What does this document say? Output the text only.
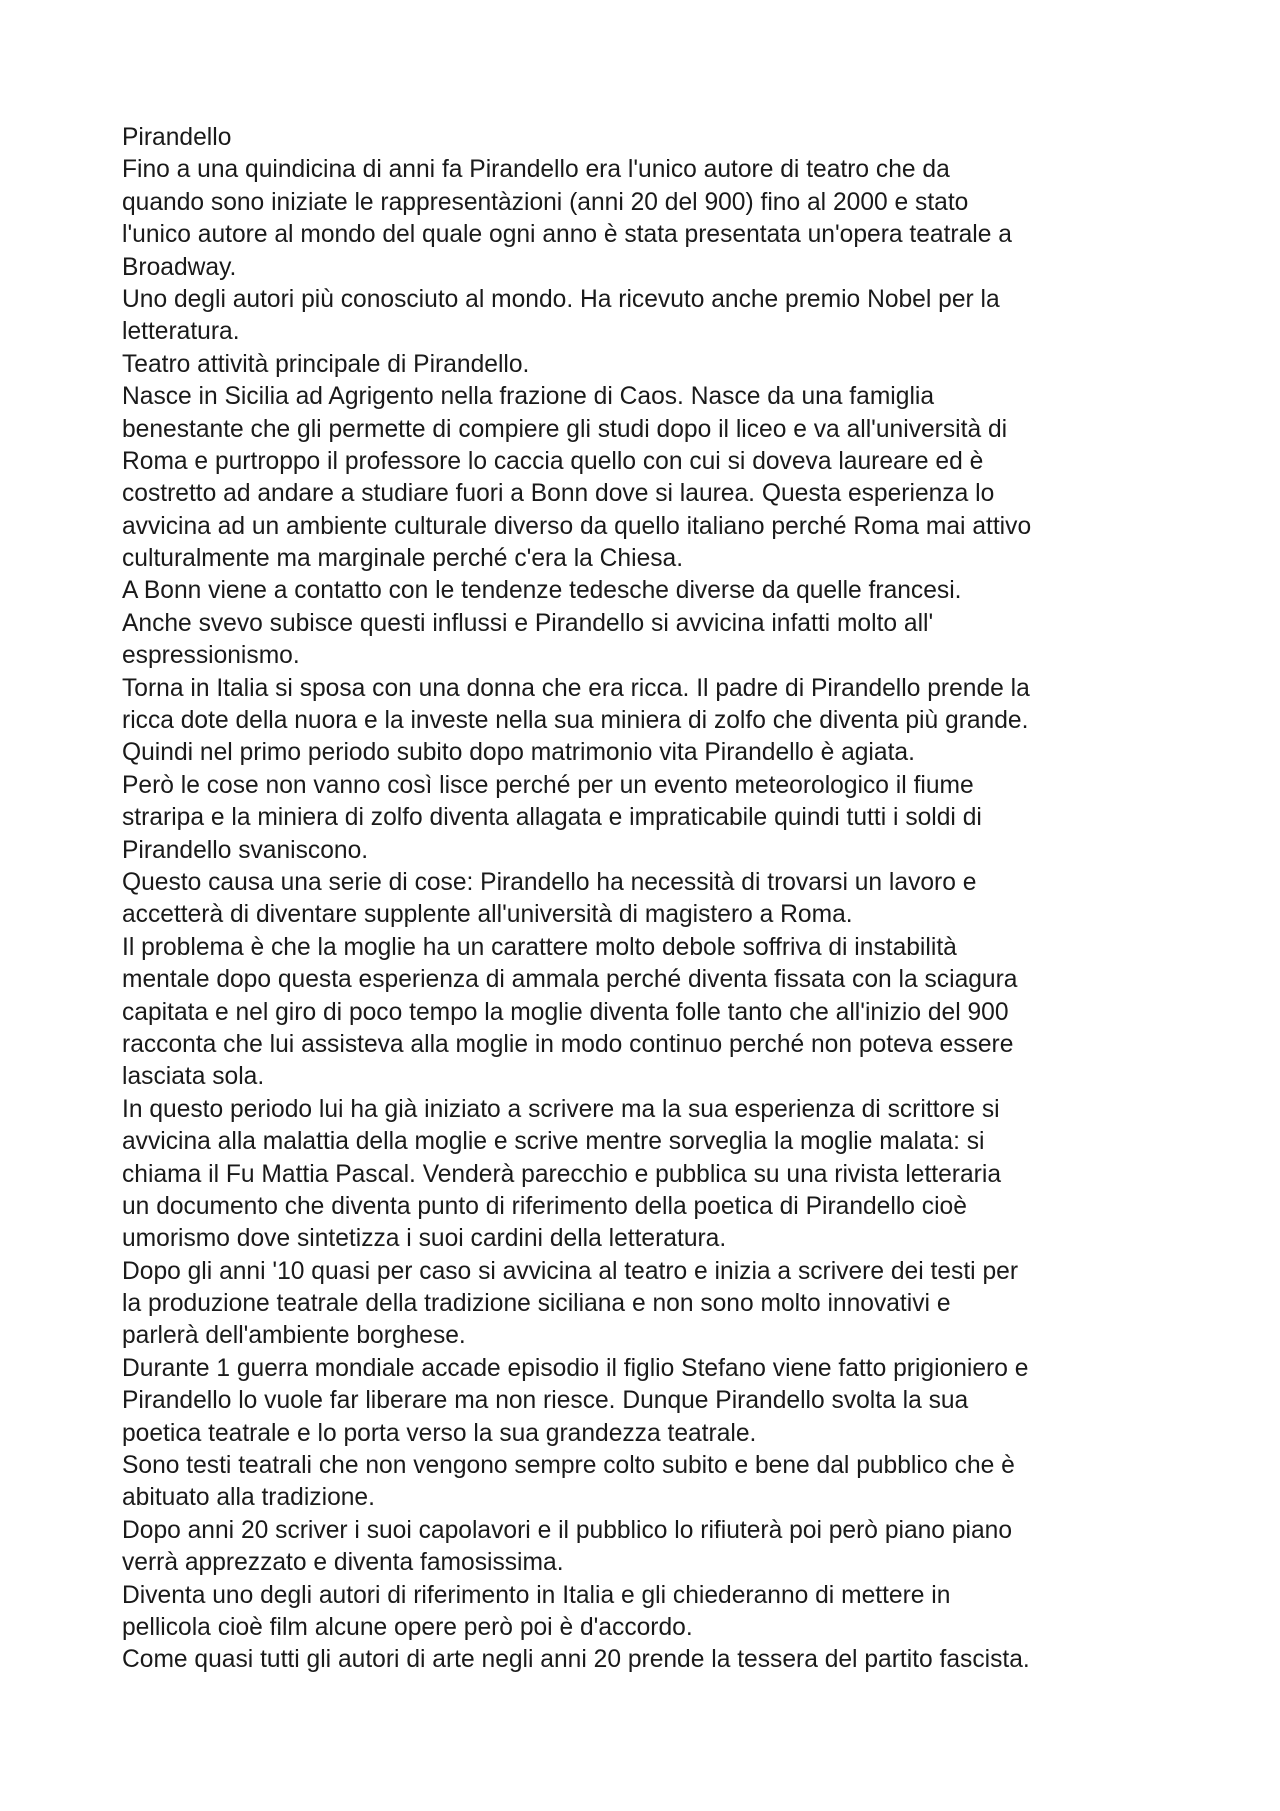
Pirandello
Fino a una quindicina di anni fa Pirandello era l'unico autore di teatro che da
quando sono iniziate le rappresentàzioni (anni 20 del 900) fino al 2000 e stato
l'unico autore al mondo del quale ogni anno è stata presentata un'opera teatrale a
Broadway.
Uno degli autori più conosciuto al mondo. Ha ricevuto anche premio Nobel per la
letteratura.
Teatro attività principale di Pirandello.
Nasce in Sicilia ad Agrigento nella frazione di Caos. Nasce da una famiglia
benestante che gli permette di compiere gli studi dopo il liceo e va all'università di
Roma e purtroppo il professore lo caccia quello con cui si doveva laureare ed è
costretto ad andare a studiare fuori a Bonn dove si laurea. Questa esperienza lo
avvicina ad un ambiente culturale diverso da quello italiano perché Roma mai attivo
culturalmente ma marginale perché c'era la Chiesa.
A Bonn viene a contatto con le tendenze tedesche diverse da quelle francesi.
Anche svevo subisce questi influssi e Pirandello si avvicina infatti molto all'
espressionismo.
Torna in Italia si sposa con una donna che era ricca. Il padre di Pirandello prende la
ricca dote della nuora e la investe nella sua miniera di zolfo che diventa più grande.
Quindi nel primo periodo subito dopo matrimonio vita Pirandello è agiata.
Però le cose non vanno così lisce perché per un evento meteorologico il fiume
straripa e la miniera di zolfo diventa allagata e impraticabile quindi tutti i soldi di
Pirandello svaniscono.
Questo causa una serie di cose: Pirandello ha necessità di trovarsi un lavoro e
accetterà di diventare supplente all'università di magistero a Roma.
Il problema è che la moglie ha un carattere molto debole soffriva di instabilità
mentale dopo questa esperienza di ammala perché diventa fissata con la sciagura
capitata e nel giro di poco tempo la moglie diventa folle tanto che all'inizio del 900
racconta che lui assisteva alla moglie in modo continuo perché non poteva essere
lasciata sola.
In questo periodo lui ha già iniziato a scrivere ma la sua esperienza di scrittore si
avvicina alla malattia della moglie e scrive mentre sorveglia la moglie malata: si
chiama il Fu Mattia Pascal. Venderà parecchio e pubblica su una rivista letteraria
un documento che diventa punto di riferimento della poetica di Pirandello cioè
umorismo dove sintetizza i suoi cardini della letteratura.
Dopo gli anni '10 quasi per caso si avvicina al teatro e inizia a scrivere dei testi per
la produzione teatrale della tradizione siciliana e non sono molto innovativi e
parlerà dell'ambiente borghese.
Durante 1 guerra mondiale accade episodio il figlio Stefano viene fatto prigioniero e
Pirandello lo vuole far liberare ma non riesce. Dunque Pirandello svolta la sua
poetica teatrale e lo porta verso la sua grandezza teatrale.
Sono testi teatrali che non vengono sempre colto subito e bene dal pubblico che è
abituato alla tradizione.
Dopo anni 20 scriver i suoi capolavori e il pubblico lo rifiuterà poi però piano piano
verrà apprezzato e diventa famosissima.
Diventa uno degli autori di riferimento in Italia e gli chiederanno di mettere in
pellicola cioè film alcune opere però poi è d'accordo.
Come quasi tutti gli autori di arte negli anni 20 prende la tessera del partito fascista.
